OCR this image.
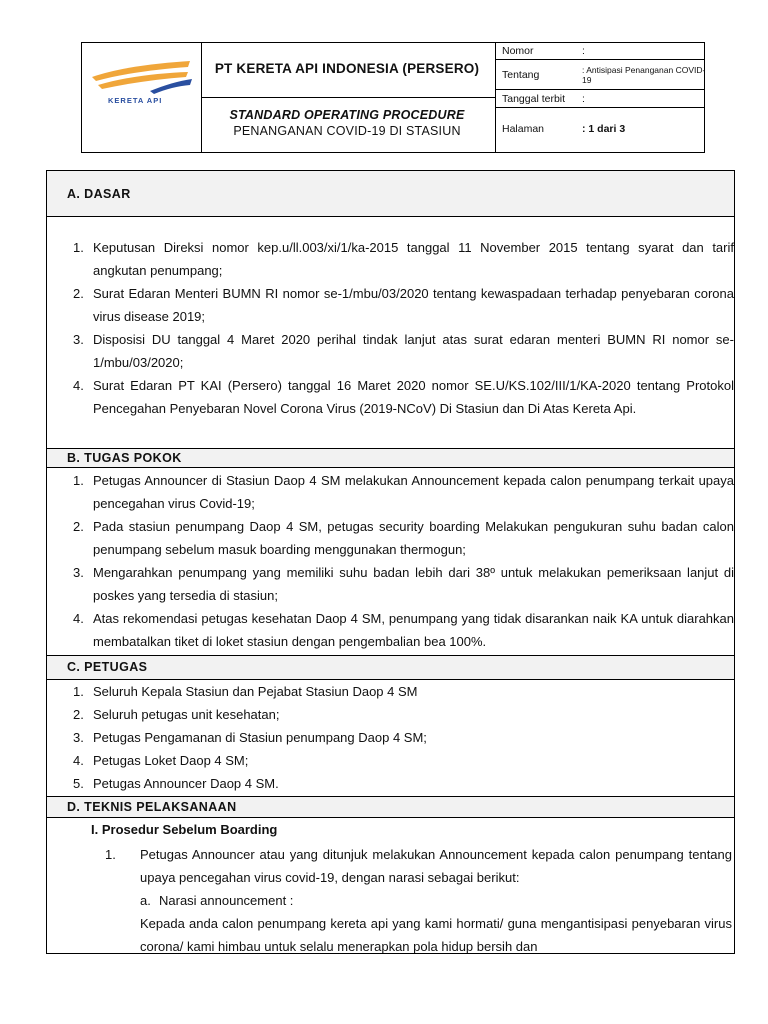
KERETA API
PT KERETA API INDONESIA (PERSERO)
STANDARD OPERATING PROCEDURE
PENANGANAN COVID-19 DI STASIUN
Nomor	:
Tentang	: Antisipasi Penanganan COVID-19
Tanggal terbit :
Halaman	: 1 dari 3
A. DASAR
1. Keputusan Direksi nomor kep.u/ll.003/xi/1/ka-2015 tanggal 11 November 2015 tentang syarat dan tarif angkutan penumpang;
2. Surat Edaran Menteri BUMN RI nomor se-1/mbu/03/2020 tentang kewaspadaan terhadap penyebaran corona virus disease 2019;
3. Disposisi DU tanggal 4 Maret 2020 perihal tindak lanjut atas surat edaran menteri BUMN RI nomor se-1/mbu/03/2020;
4. Surat Edaran PT KAI (Persero) tanggal 16 Maret 2020 nomor SE.U/KS.102/III/1/KA-2020 tentang Protokol Pencegahan Penyebaran Novel Corona Virus (2019-NCoV) Di Stasiun dan Di Atas Kereta Api.
B. TUGAS POKOK
1. Petugas Announcer di Stasiun Daop 4 SM melakukan Announcement kepada calon penumpang terkait upaya pencegahan virus Covid-19;
2. Pada stasiun penumpang Daop 4 SM, petugas security boarding Melakukan pengukuran suhu badan calon penumpang sebelum masuk boarding menggunakan thermogun;
3. Mengarahkan penumpang yang memiliki suhu badan lebih dari 38º untuk melakukan pemeriksaan lanjut di poskes yang tersedia di stasiun;
4. Atas rekomendasi petugas kesehatan Daop 4 SM, penumpang yang tidak disarankan naik KA untuk diarahkan membatalkan tiket di loket stasiun dengan pengembalian bea 100%.
C. PETUGAS
1. Seluruh Kepala Stasiun dan Pejabat Stasiun Daop 4 SM
2. Seluruh petugas unit kesehatan;
3. Petugas Pengamanan di Stasiun penumpang Daop 4 SM;
4. Petugas Loket Daop 4 SM;
5. Petugas Announcer Daop 4 SM.
D. TEKNIS PELAKSANAAN
I. Prosedur Sebelum Boarding
1. Petugas Announcer atau yang ditunjuk melakukan Announcement kepada calon penumpang tentang upaya pencegahan virus covid-19, dengan narasi sebagai berikut:
a. Narasi announcement :
Kepada anda calon penumpang kereta api yang kami hormati/ guna mengantisipasi penyebaran virus corona/ kami himbau untuk selalu menerapkan pola hidup bersih dan
